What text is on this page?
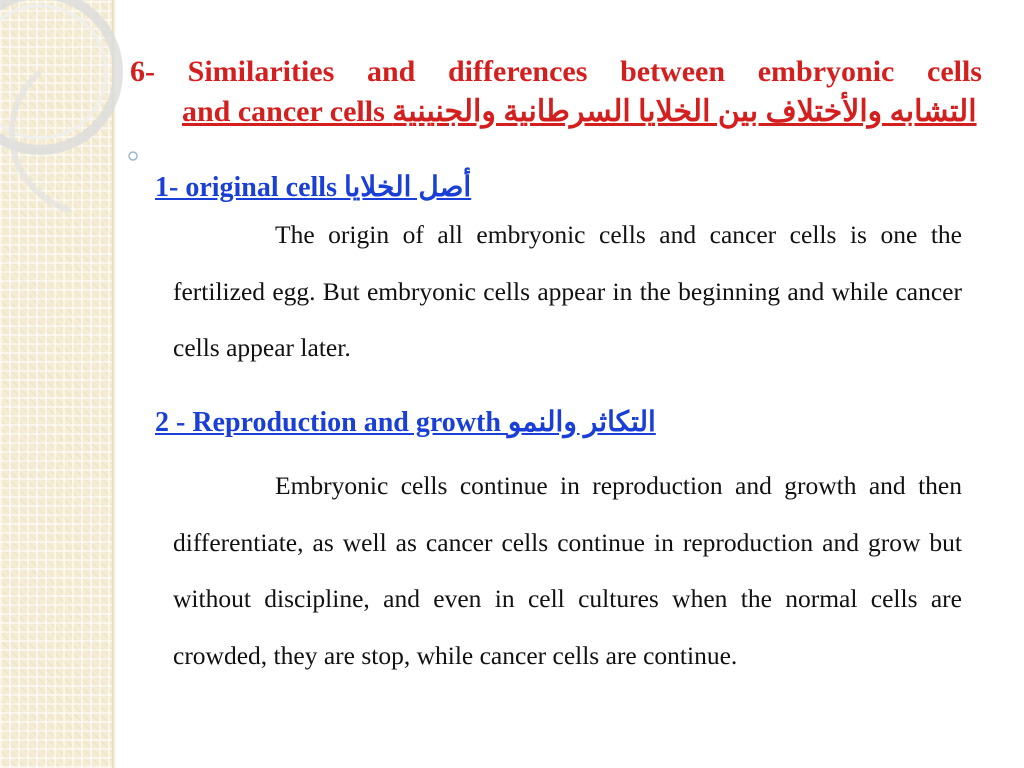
6- Similarities and differences between embryonic cells
and cancer cells التشابه والأختلاف بين الخلايا السرطانية والجنينية
1- original cells أصل الخلايا

The origin of all embryonic cells and cancer cells is one the fertilized egg. But embryonic cells appear in the beginning and while cancer cells appear later.

2 - Reproduction and growth التكاثر والنمو

Embryonic cells continue in reproduction and growth and then differentiate, as well as cancer cells continue in reproduction and grow but without discipline, and even in cell cultures when the normal cells are crowded, they are stop, while cancer cells are continue.
